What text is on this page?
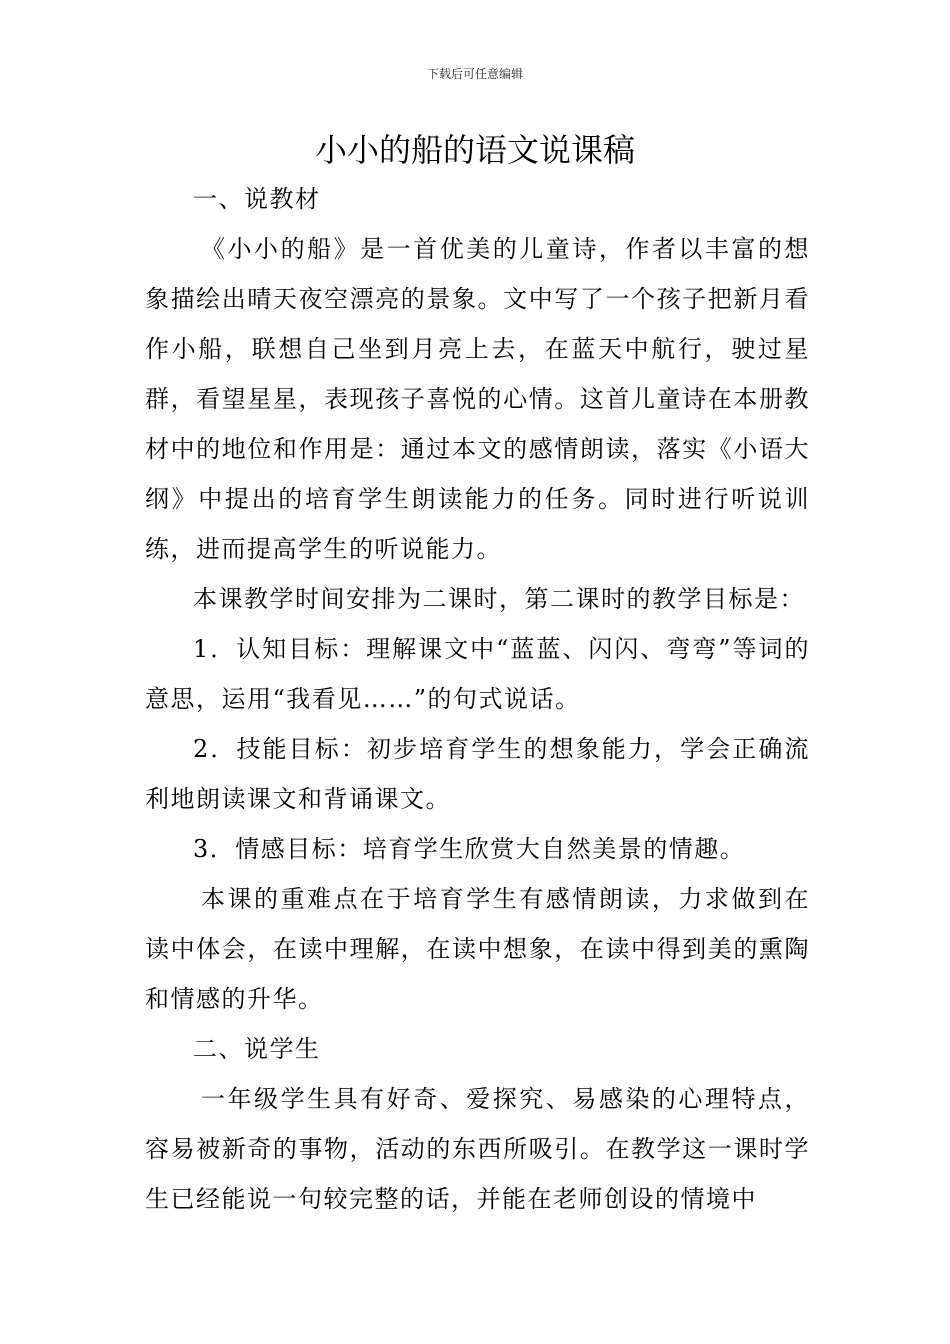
下载后可任意编辑
小小的船的语文说课稿

一、说教材

《小小的船》是一首优美的儿童诗，作者以丰富的想象描绘出晴天夜空漂亮的景象。文中写了一个孩子把新月看作小船，联想自己坐到月亮上去，在蓝天中航行，驶过星群，看望星星，表现孩子喜悦的心情。这首儿童诗在本册教材中的地位和作用是：通过本文的感情朗读，落实《小语大纲》中提出的培育学生朗读能力的任务。同时进行听说训练，进而提高学生的听说能力。

本课教学时间安排为二课时，第二课时的教学目标是：

1．认知目标：理解课文中“蓝蓝、闪闪、弯弯”等词的意思，运用“我看见……”的句式说话。

2．技能目标：初步培育学生的想象能力，学会正确流利地朗读课文和背诵课文。

3．情感目标：培育学生欣赏大自然美景的情趣。

本课的重难点在于培育学生有感情朗读，力求做到在读中体会，在读中理解，在读中想象，在读中得到美的熏陶和情感的升华。

二、说学生

一年级学生具有好奇、爱探究、易感染的心理特点，容易被新奇的事物，活动的东西所吸引。在教学这一课时学生已经能说一句较完整的话，并能在老师创设的情境中
